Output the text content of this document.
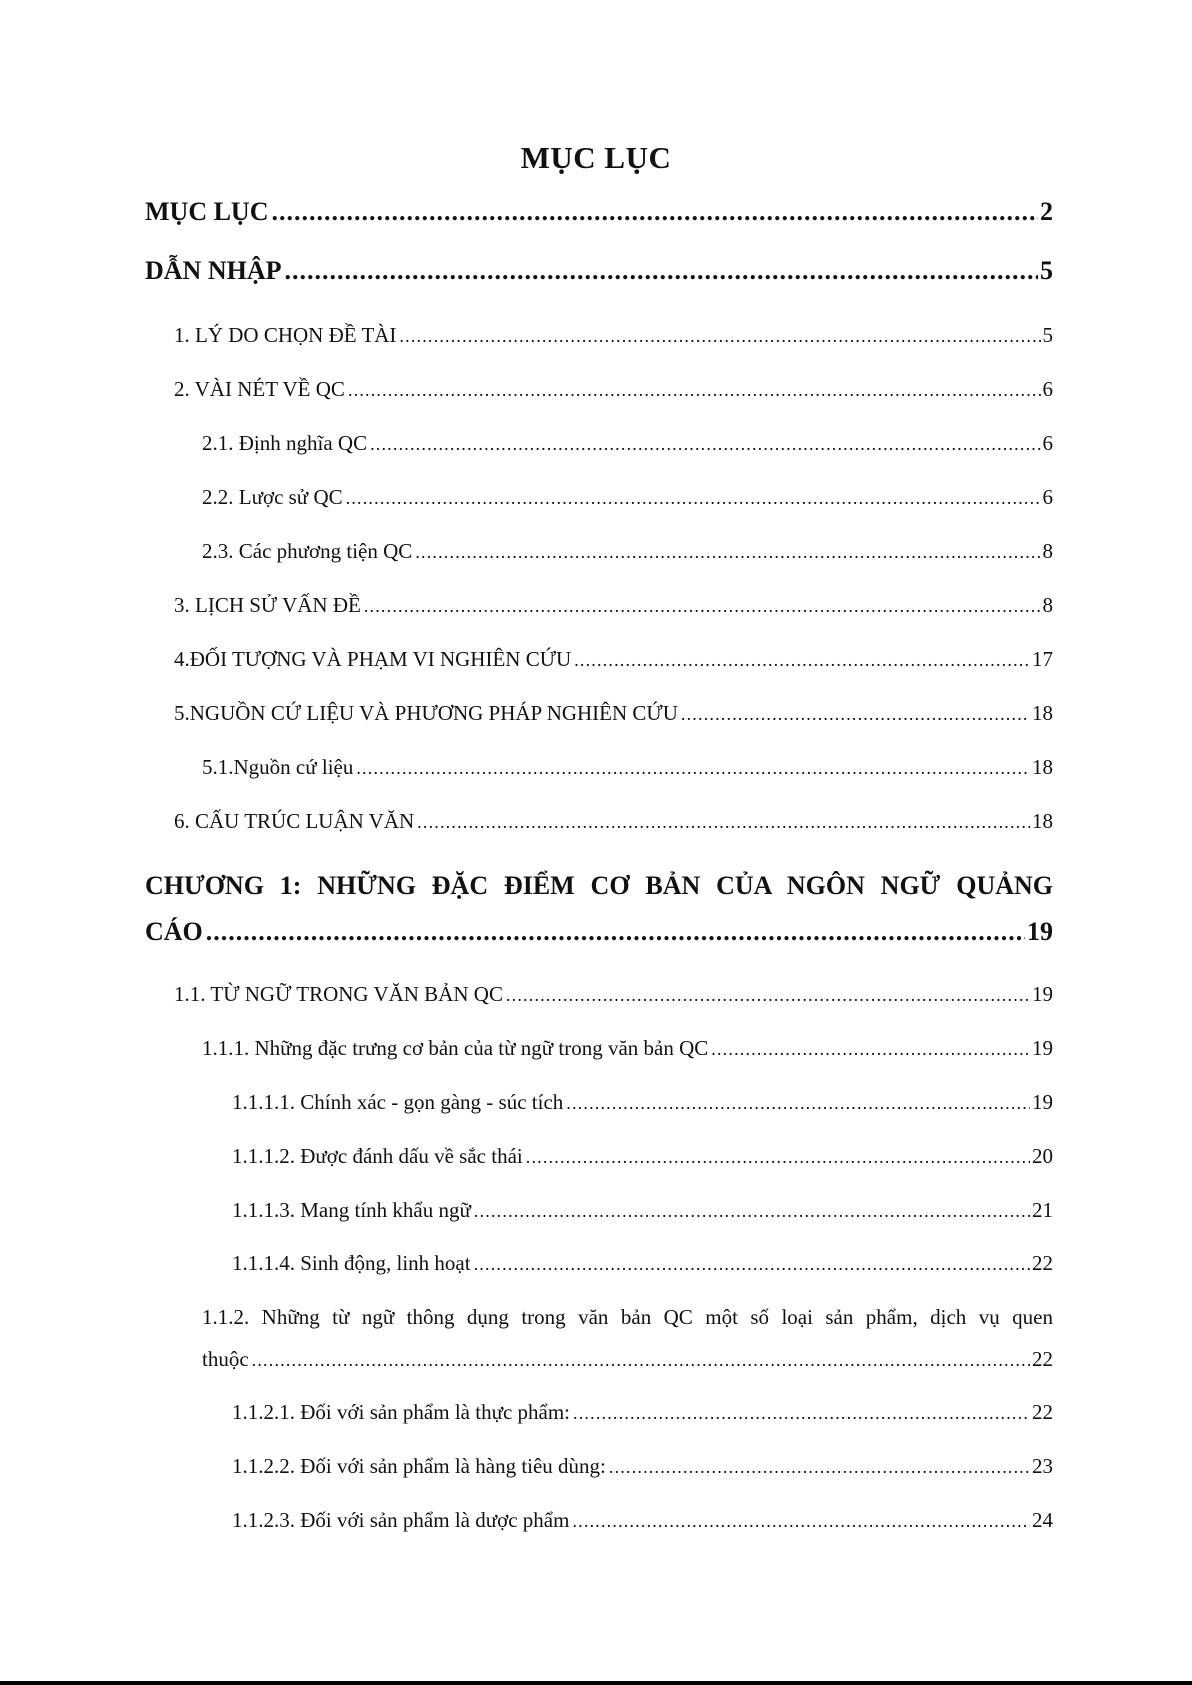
MỤC LỤC
MỤC LỤC .....	2
DẪN NHẬP .....	5
1. LÝ DO CHỌN ĐỀ TÀI .....	5
2. VÀI NÉT VỀ QC .....	6
2.1. Định nghĩa QC .....	6
2.2. Lược sử QC .....	6
2.3. Các phương tiện QC .....	8
3. LỊCH SỬ VẤN ĐỀ .....	8
4.ĐỐI TƯỢNG VÀ PHẠM VI NGHIÊN CỨU .....	17
5.NGUỒN CỨ LIỆU VÀ PHƯƠNG PHÁP NGHIÊN CỨU .....	18
5.1.Nguồn cứ liệu .....	18
6. CẤU TRÚC LUẬN VĂN .....	18
CHƯƠNG 1: NHỮNG ĐẶC ĐIỂM CƠ BẢN CỦA NGÔN NGỮ QUẢNG
CÁO .....	19
1.1. TỪ NGỮ TRONG VĂN BẢN QC .....	19
1.1.1. Những đặc trưng cơ bản của từ ngữ trong văn bản QC .....	19
1.1.1.1. Chính xác - gọn gàng - súc tích .....	19
1.1.1.2. Được đánh dấu về sắc thái .....	20
1.1.1.3. Mang tính khẩu ngữ .....	21
1.1.1.4. Sinh động, linh hoạt .....	22
1.1.2. Những từ ngữ thông dụng trong văn bản QC một số loại sản phẩm, dịch vụ quen
thuộc .....	22
1.1.2.1. Đối với sản phẩm là thực phẩm: .....	22
1.1.2.2. Đối với sản phẩm là hàng tiêu dùng: .....	23
1.1.2.3. Đối với sản phẩm là dược phẩm .....	24
